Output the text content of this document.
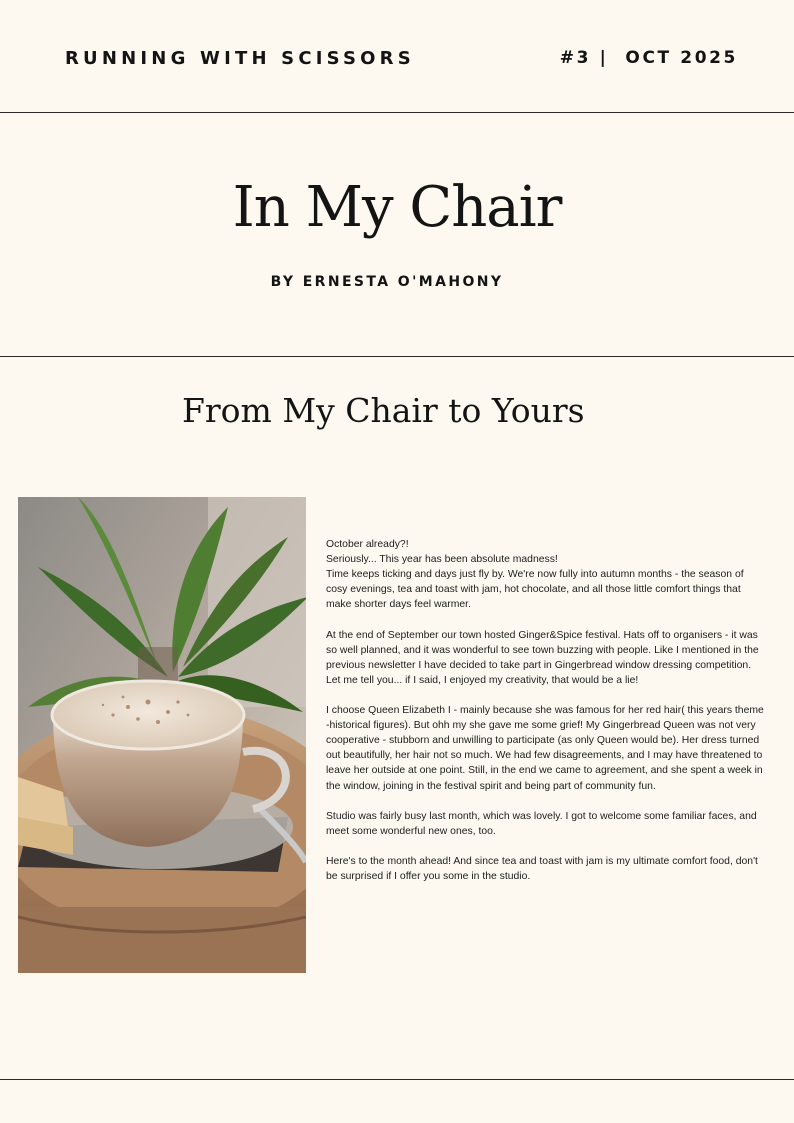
RUNNING WITH SCISSORS	#3 |  OCT 2025
In My Chair
BY ERNESTA O'MAHONY
From My Chair to Yours

October already?!
Seriously... This year has been absolute madness!
Time keeps ticking and days just fly by. We're now fully into autumn months - the season of cosy evenings, tea and toast with jam, hot chocolate, and all those little comfort things that make shorter days feel warmer.

At the end of September our town hosted Ginger&Spice festival. Hats off to organisers - it was so well planned, and it was wonderful to see town buzzing with people. Like I mentioned in the previous newsletter I have decided to take part in Gingerbread window dressing competition. Let me tell you... if I said, I enjoyed my creativity, that would be a lie!

I choose Queen Elizabeth I - mainly because she was famous for her red hair( this years theme -historical figures). But ohh my she gave me some grief! My Gingerbread Queen was not very cooperative - stubborn and unwilling to participate (as only Queen would be). Her dress turned out beautifully, her hair not so much. We had few disagreements, and I may have threatened to leave her outside at one point. Still, in the end we came to agreement, and she spent a week in the window, joining in the festival spirit and being part of community fun.

Studio was fairly busy last month, which was lovely. I got to welcome some familiar faces, and meet some wonderful new ones, too.

Here's to the month ahead! And since tea and toast with jam is my ultimate comfort food, don't be surprised if I offer you some in the studio.
